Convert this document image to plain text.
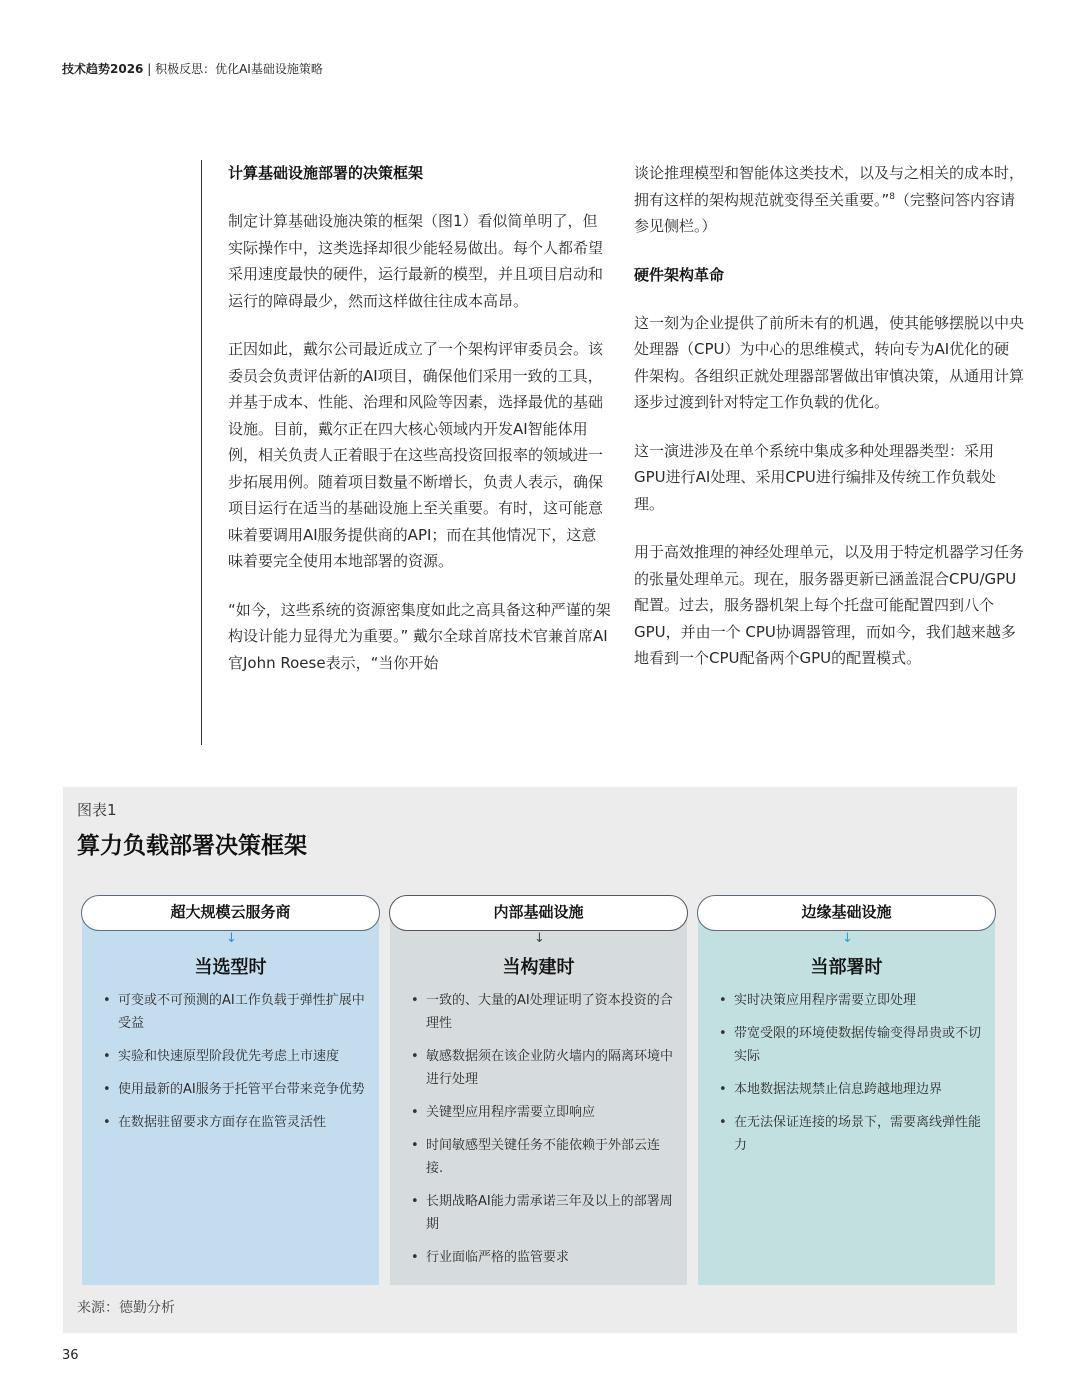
技术趋势2026 | 积极反思：优化AI基础设施策略
计算基础设施部署的决策框架

制定计算基础设施决策的框架（图1）看似简单明了，但实际操作中，这类选择却很少能轻易做出。每个人都希望采用速度最快的硬件，运行最新的模型，并且项目启动和运行的障碍最少，然而这样做往往成本高昂。

正因如此，戴尔公司最近成立了一个架构评审委员会。该委员会负责评估新的AI项目，确保他们采用一致的工具，并基于成本、性能、治理和风险等因素，选择最优的基础设施。目前，戴尔正在四大核心领域内开发AI智能体用例，相关负责人正着眼于在这些高投资回报率的领域进一步拓展用例。随着项目数量不断增长，负责人表示，确保项目运行在适当的基础设施上至关重要。有时，这可能意味着要调用AI服务提供商的API；而在其他情况下，这意味着要完全使用本地部署的资源。

“如今，这些系统的资源密集度如此之高具备这种严谨的架构设计能力显得尤为重要。” 戴尔全球首席技术官兼首席AI官John Roese表示，“当你开始

谈论推理模型和智能体这类技术，以及与之相关的成本时，拥有这样的架构规范就变得至关重要。”$^8$（完整问答内容请参见侧栏。）

硬件架构革命

这一刻为企业提供了前所未有的机遇，使其能够摆脱以中央处理器（CPU）为中心的思维模式，转向专为AI优化的硬件架构。各组织正就处理器部署做出审慎决策，从通用计算逐步过渡到针对特定工作负载的优化。

这一演进涉及在单个系统中集成多种处理器类型：采用GPU进行AI处理、采用CPU进行编排及传统工作负载处理。

用于高效推理的神经处理单元，以及用于特定机器学习任务的张量处理单元。现在，服务器更新已涵盖混合CPU/GPU配置。过去，服务器机架上每个托盘可能配置四到八个GPU，并由一个 CPU协调器管理，而如今，我们越来越多地看到一个CPU配备两个GPU的配置模式。

图表1
算力负载部署决策框架
超大规模云服务商
↓
当选型时
• 可变或不可预测的AI工作负载于弹性扩展中受益
• 实验和快速原型阶段优先考虑上市速度
• 使用最新的AI服务于托管平台带来竞争优势
• 在数据驻留要求方面存在监管灵活性
内部基础设施
↓
当构建时
• 一致的、大量的AI处理证明了资本投资的合理性
• 敏感数据须在该企业防火墙内的隔离环境中进行处理
• 关键型应用程序需要立即响应
• 时间敏感型关键任务不能依赖于外部云连接.
• 长期战略AI能力需承诺三年及以上的部署周期
• 行业面临严格的监管要求
边缘基础设施
↓
当部署时
• 实时决策应用程序需要立即处理
• 带宽受限的环境使数据传输变得昂贵或不切实际
• 本地数据法规禁止信息跨越地理边界
• 在无法保证连接的场景下，需要离线弹性能力
来源：德勤分析
36
